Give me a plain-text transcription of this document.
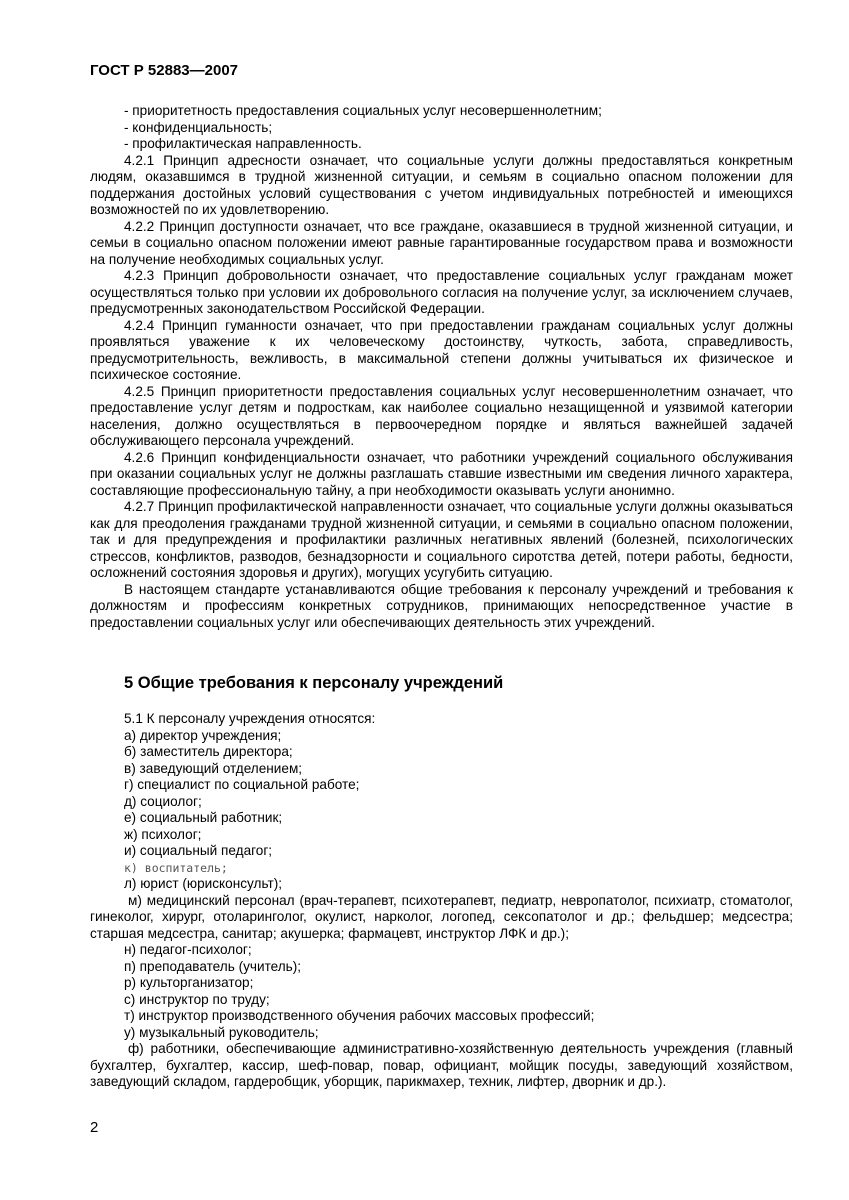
ГОСТ Р 52883—2007

- приоритетность предоставления социальных услуг несовершеннолетним;

- конфиденциальность;

- профилактическая направленность.

4.2.1 Принцип адресности означает, что социальные услуги должны предоставляться конкретным людям, оказавшимся в трудной жизненной ситуации, и семьям в социально опасном положении для поддержания достойных условий существования с учетом индивидуальных потребностей и имеющихся возможностей по их удовлетворению.

4.2.2 Принцип доступности означает, что все граждане, оказавшиеся в трудной жизненной ситуации, и семьи в социально опасном положении имеют равные гарантированные государством права и возможности на получение необходимых социальных услуг.

4.2.3 Принцип добровольности означает, что предоставление социальных услуг гражданам может осуществляться только при условии их добровольного согласия на получение услуг, за исключением случаев, предусмотренных законодательством Российской Федерации.

4.2.4 Принцип гуманности означает, что при предоставлении гражданам социальных услуг должны проявляться уважение к их человеческому достоинству, чуткость, забота, справедливость, предусмотрительность, вежливость, в максимальной степени должны учитываться их физическое и психическое состояние.

4.2.5 Принцип приоритетности предоставления социальных услуг несовершеннолетним означает, что предоставление услуг детям и подросткам, как наиболее социально незащищенной и уязвимой категории населения, должно осуществляться в первоочередном порядке и являться важнейшей задачей обслуживающего персонала учреждений.

4.2.6 Принцип конфиденциальности означает, что работники учреждений социального обслуживания при оказании социальных услуг не должны разглашать ставшие известными им сведения личного характера, составляющие профессиональную тайну, а при необходимости оказывать услуги анонимно.

4.2.7 Принцип профилактической направленности означает, что социальные услуги должны оказываться как для преодоления гражданами трудной жизненной ситуации, и семьями в социально опасном положении, так и для предупреждения и профилактики различных негативных явлений (болезней, психологических стрессов, конфликтов, разводов, безнадзорности и социального сиротства детей, потери работы, бедности, осложнений состояния здоровья и других), могущих усугубить ситуацию.

В настоящем стандарте устанавливаются общие требования к персоналу учреждений и требования к должностям и профессиям конкретных сотрудников, принимающих непосредственное участие в предоставлении социальных услуг или обеспечивающих деятельность этих учреждений.

5 Общие требования к персоналу учреждений

5.1 К персоналу учреждения относятся:

а) директор учреждения;

б) заместитель директора;

в) заведующий отделением;

г) специалист по социальной работе;

д) социолог;

е) социальный работник;

ж) психолог;

и) социальный педагог;

к) воспитатель;

л) юрист (юрисконсульт);

м) медицинский персонал (врач-терапевт, психотерапевт, педиатр, невропатолог, психиатр, стоматолог, гинеколог, хирург, отоларинголог, окулист, нарколог, логопед, сексопатолог и др.; фельдшер; медсестра; старшая медсестра, санитар; акушерка; фармацевт, инструктор ЛФК и др.);

н) педагог-психолог;

п) преподаватель (учитель);

р) культорганизатор;

с) инструктор по труду;

т) инструктор производственного обучения рабочих массовых профессий;

у) музыкальный руководитель;

ф) работники, обеспечивающие административно-хозяйственную деятельность учреждения (главный бухгалтер, бухгалтер, кассир, шеф-повар, повар, официант, мойщик посуды, заведующий хозяйством, заведующий складом, гардеробщик, уборщик, парикмахер, техник, лифтер, дворник и др.).

2
